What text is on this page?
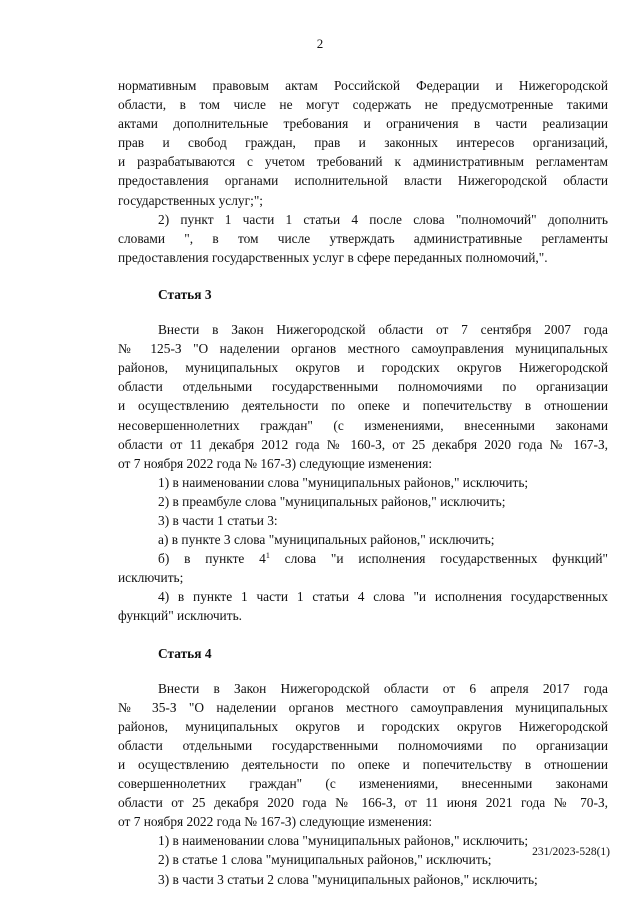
2

нормативным правовым актам Российской Федерации и Нижегородской

области, в том числе не могут содержать не предусмотренные такими

актами дополнительные требования и ограничения в части реализации

прав и свобод граждан, прав и законных интересов организаций,

и разрабатываются с учетом требований к административным регламентам

предоставления органами исполнительной власти Нижегородской области

государственных услуг;";

2) пункт 1 части 1 статьи 4 после слова "полномочий" дополнить

словами ", в том числе утверждать административные регламенты

предоставления государственных услуг в сфере переданных полномочий,".

Статья 3

Внести в Закон Нижегородской области от 7 сентября 2007 года

№ 125-З "О наделении органов местного самоуправления муниципальных

районов, муниципальных округов и городских округов Нижегородской

области отдельными государственными полномочиями по организации

и осуществлению деятельности по опеке и попечительству в отношении

несовершеннолетних граждан" (с изменениями, внесенными законами

области от 11 декабря 2012 года № 160-З, от 25 декабря 2020 года № 167-З,

от 7 ноября 2022 года № 167-З) следующие изменения:

1) в наименовании слова "муниципальных районов," исключить;

2) в преамбуле слова "муниципальных районов," исключить;

3) в части 1 статьи 3:

а) в пункте 3 слова "муниципальных районов," исключить;

б) в пункте $4^1$ слова "и исполнения государственных функций"

исключить;

4) в пункте 1 части 1 статьи 4 слова "и исполнения государственных

функций" исключить.

Статья 4

Внести в Закон Нижегородской области от 6 апреля 2017 года

№ 35-З "О наделении органов местного самоуправления муниципальных

районов, муниципальных округов и городских округов Нижегородской

области отдельными государственными полномочиями по организации

и осуществлению деятельности по опеке и попечительству в отношении

совершеннолетних граждан" (с изменениями, внесенными законами

области от 25 декабря 2020 года № 166-З, от 11 июня 2021 года № 70-З,

от 7 ноября 2022 года № 167-З) следующие изменения:

1) в наименовании слова "муниципальных районов," исключить;

2) в статье 1 слова "муниципальных районов," исключить;

3) в части 3 статьи 2 слова "муниципальных районов," исключить;

231/2023-528(1)
